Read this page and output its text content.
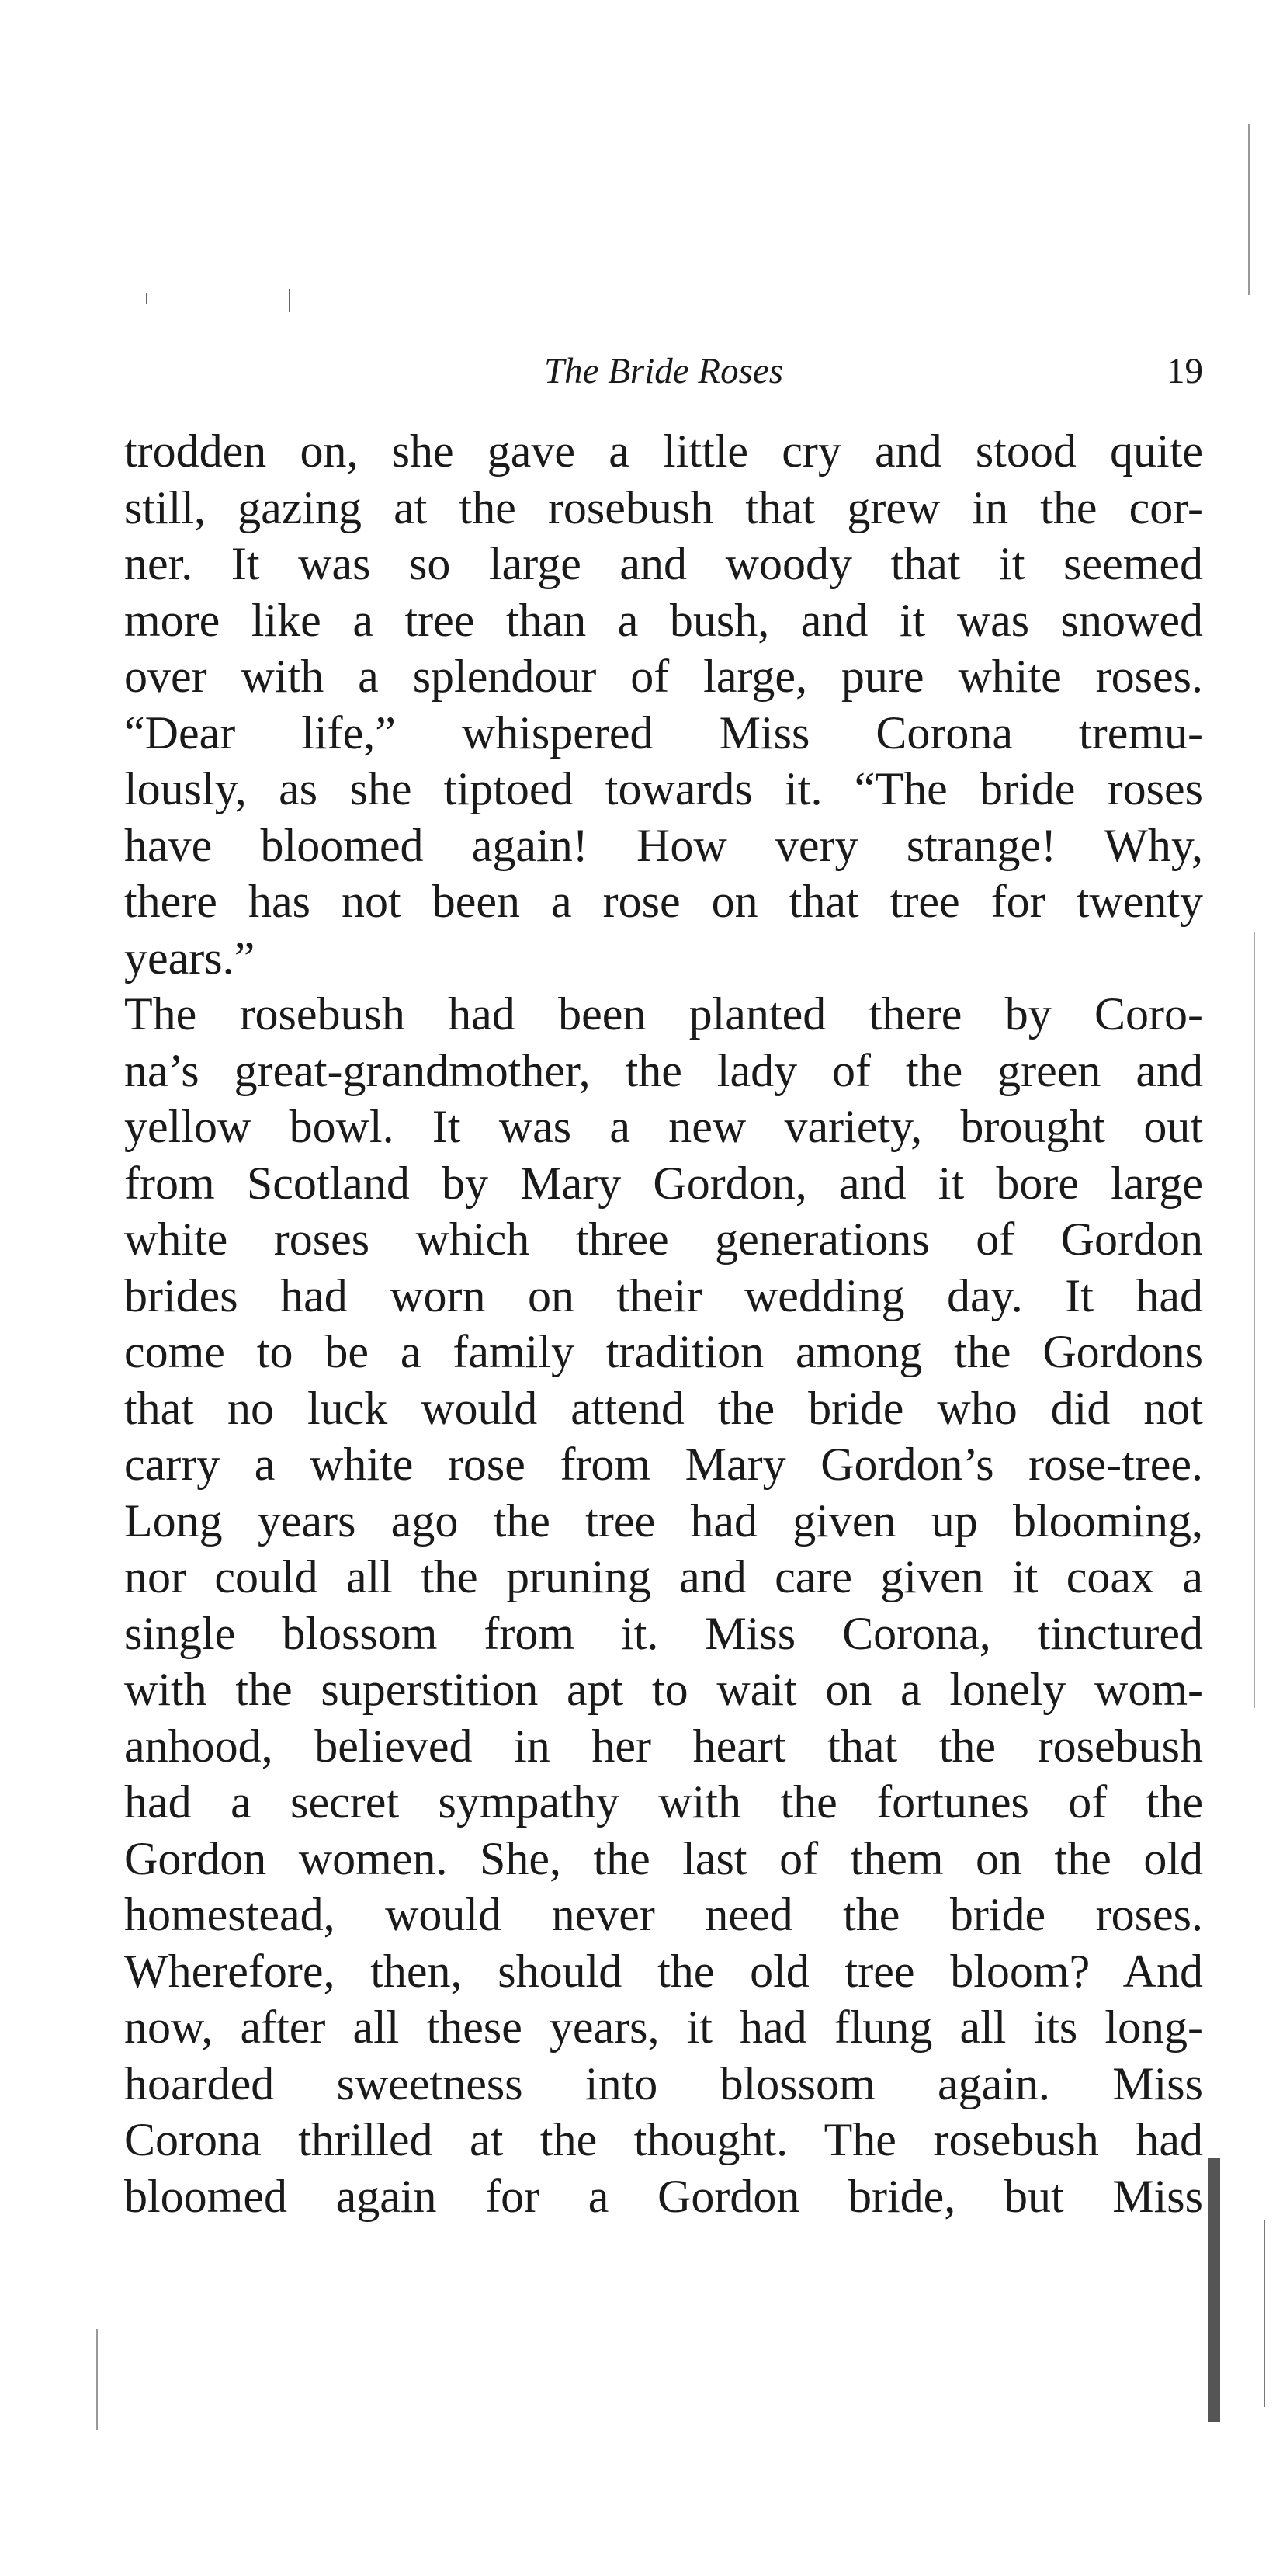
The Bride Roses	19
trodden on, she gave a little cry and stood quite
still, gazing at the rosebush that grew in the cor-
ner. It was so large and woody that it seemed
more like a tree than a bush, and it was snowed
over with a splendour of large, pure white roses.
“Dear life,” whispered Miss Corona tremu-
lously, as she tiptoed towards it. “The bride roses
have bloomed again! How very strange! Why,
there has not been a rose on that tree for twenty
years.”
The rosebush had been planted there by Coro-
na’s great-grandmother, the lady of the green and
yellow bowl. It was a new variety, brought out
from Scotland by Mary Gordon, and it bore large
white roses which three generations of Gordon
brides had worn on their wedding day. It had
come to be a family tradition among the Gordons
that no luck would attend the bride who did not
carry a white rose from Mary Gordon’s rose-tree.
Long years ago the tree had given up blooming,
nor could all the pruning and care given it coax a
single blossom from it. Miss Corona, tinctured
with the superstition apt to wait on a lonely wom-
anhood, believed in her heart that the rosebush
had a secret sympathy with the fortunes of the
Gordon women. She, the last of them on the old
homestead, would never need the bride roses.
Wherefore, then, should the old tree bloom? And
now, after all these years, it had flung all its long-
hoarded sweetness into blossom again. Miss
Corona thrilled at the thought. The rosebush had
bloomed again for a Gordon bride, but Miss
